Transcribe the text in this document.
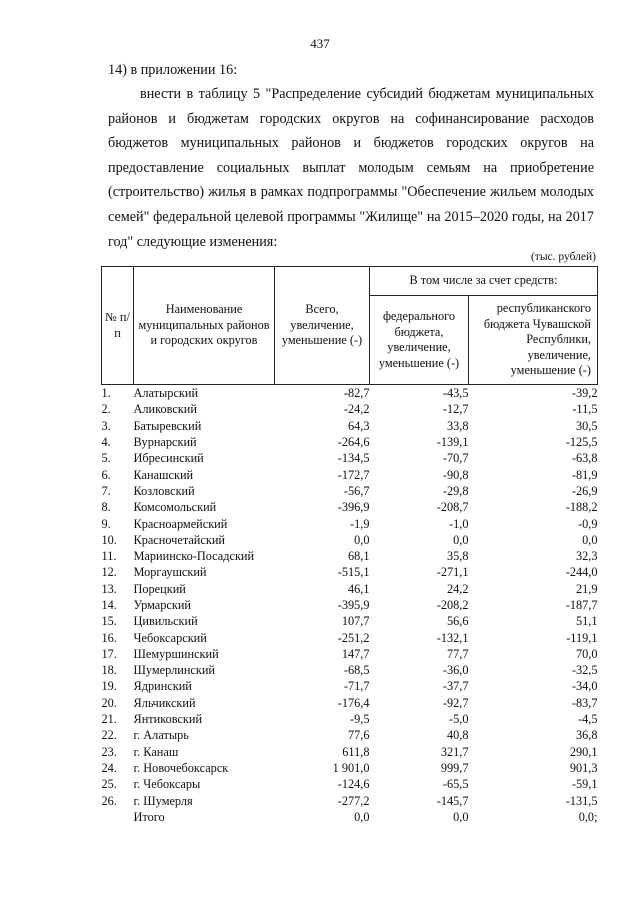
437
14) в приложении 16:
внести в таблицу 5 "Распределение субсидий бюджетам муниципальных районов и бюджетам городских округов на софинансирование расходов бюджетов муниципальных районов и бюджетов городских округов на предоставление социальных выплат молодым семьям на приобретение (строительство) жилья в рамках подпрограммы "Обеспечение жильем молодых семей" федеральной целевой программы "Жилище" на 2015–2020 годы, на 2017 год" следующие изменения:
(тыс. рублей)
№ п/п	Наименование муниципальных районов и городских округов	Всего, увеличение, уменьшение (-)	В том числе за счет средств:	
			федерального бюджета, увеличение, уменьшение (-)	республиканского бюджета Чувашской Республики, увеличение, уменьшение (-)
1.	Алатырский	-82,7	-43,5	-39,2
2.	Аликовский	-24,2	-12,7	-11,5
3.	Батыревский	64,3	33,8	30,5
4.	Вурнарский	-264,6	-139,1	-125,5
5.	Ибресинский	-134,5	-70,7	-63,8
6.	Канашский	-172,7	-90,8	-81,9
7.	Козловский	-56,7	-29,8	-26,9
8.	Комсомольский	-396,9	-208,7	-188,2
9.	Красноармейский	-1,9	-1,0	-0,9
10.	Красночетайский	0,0	0,0	0,0
11.	Мариинско-Посадский	68,1	35,8	32,3
12.	Моргаушский	-515,1	-271,1	-244,0
13.	Порецкий	46,1	24,2	21,9
14.	Урмарский	-395,9	-208,2	-187,7
15.	Цивильский	107,7	56,6	51,1
16.	Чебоксарский	-251,2	-132,1	-119,1
17.	Шемуршинский	147,7	77,7	70,0
18.	Шумерлинский	-68,5	-36,0	-32,5
19.	Ядринский	-71,7	-37,7	-34,0
20.	Яльчикский	-176,4	-92,7	-83,7
21.	Янтиковский	-9,5	-5,0	-4,5
22.	г. Алатырь	77,6	40,8	36,8
23.	г. Канаш	611,8	321,7	290,1
24.	г. Новочебоксарск	1 901,0	999,7	901,3
25.	г. Чебоксары	-124,6	-65,5	-59,1
26.	г. Шумерля	-277,2	-145,7	-131,5
	Итого	0,0	0,0	0,0;
